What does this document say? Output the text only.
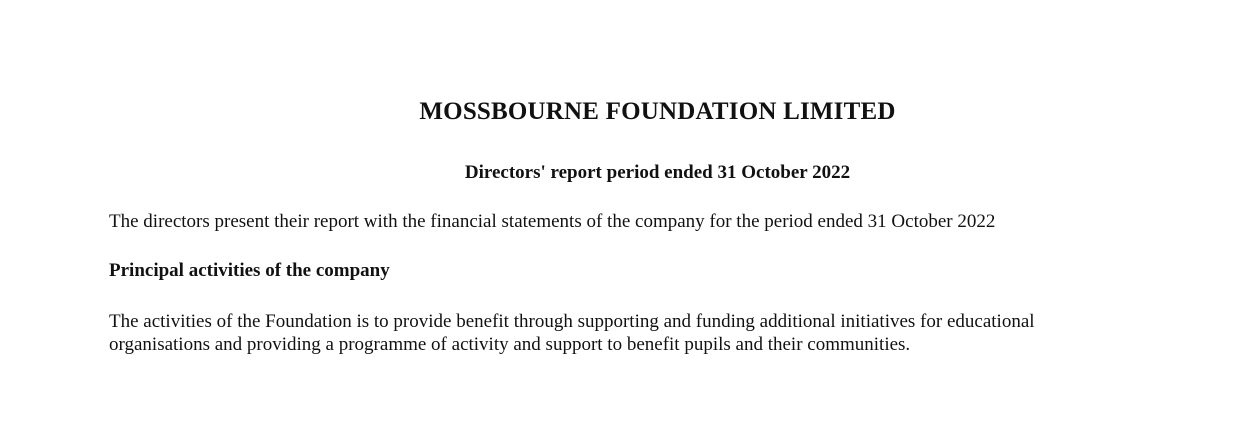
MOSSBOURNE FOUNDATION LIMITED
Directors' report period ended 31 October 2022

The directors present their report with the financial statements of the company for the period ended 31 October 2022

Principal activities of the company

The activities of the Foundation is to provide benefit through supporting and funding additional initiatives for educational
organisations and providing a programme of activity and support to benefit pupils and their communities.
